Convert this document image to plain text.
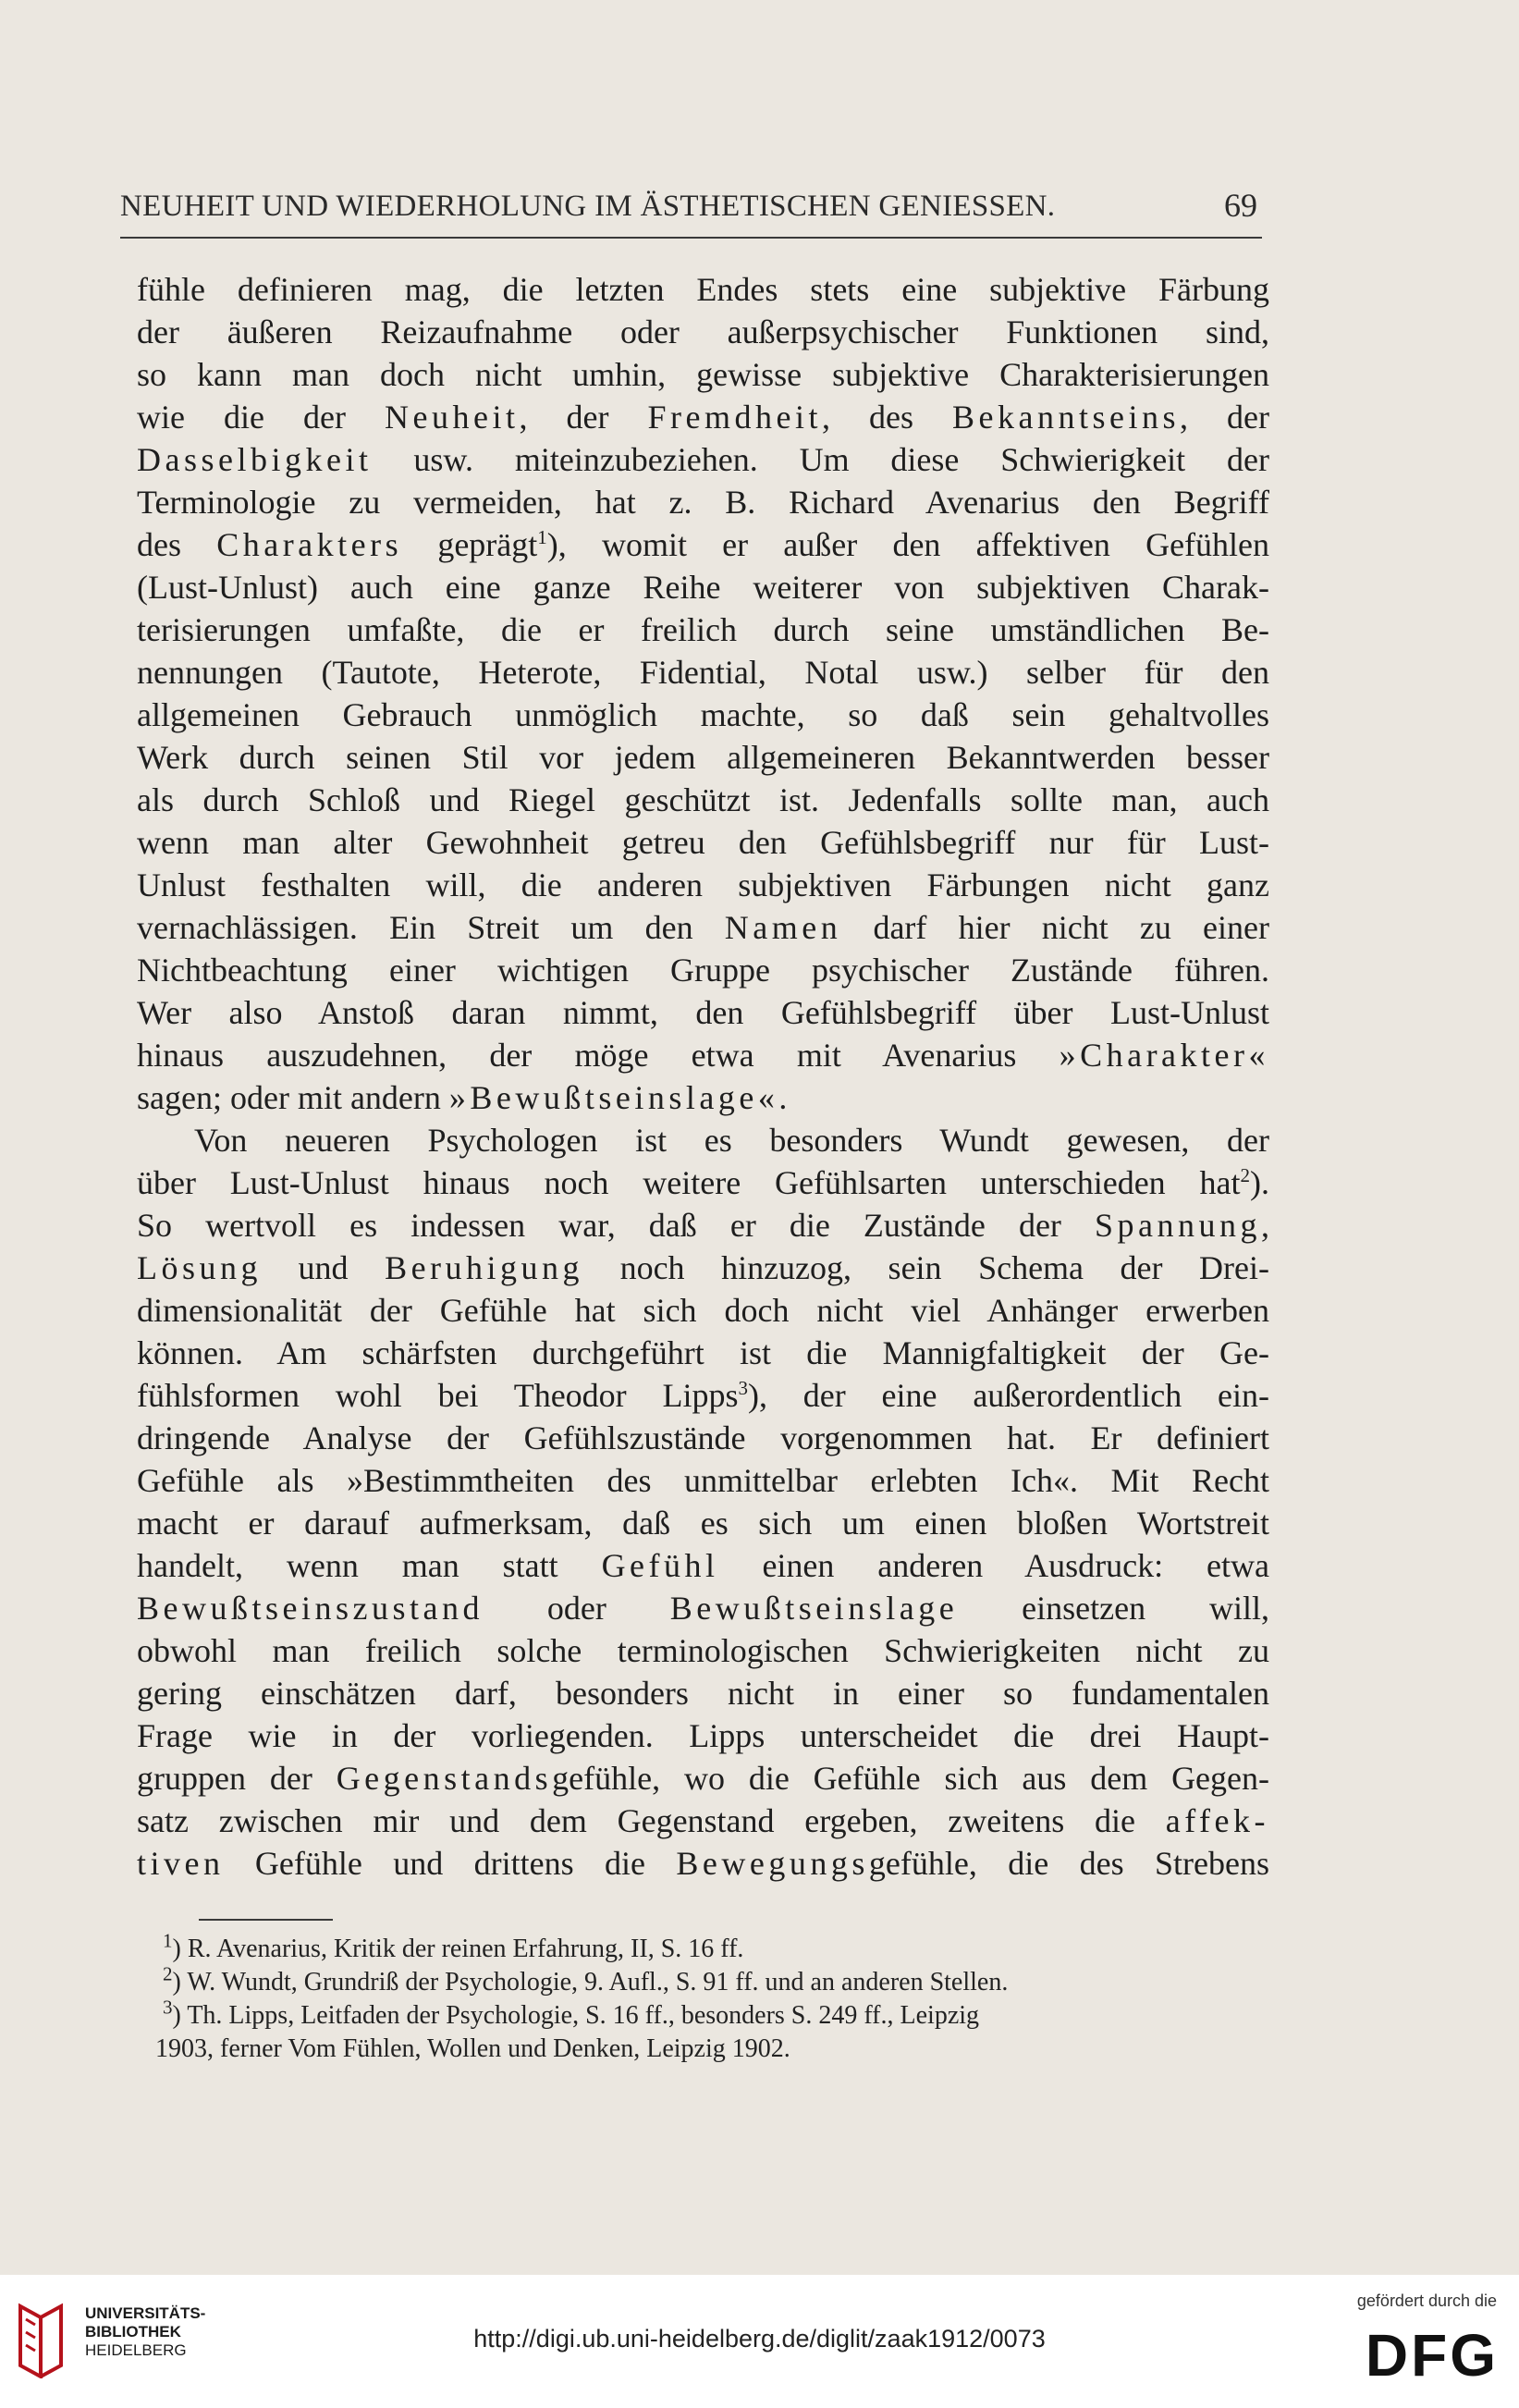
NEUHEIT UND WIEDERHOLUNG IM ÄSTHETISCHEN GENIESSEN.	69
fühle definieren mag, die letzten Endes stets eine subjektive Färbung
der äußeren Reizaufnahme oder außerpsychischer Funktionen sind,
so kann man doch nicht umhin, gewisse subjektive Charakterisierungen
wie die der Neuheit, der Fremdheit, des Bekanntseins, der
Dasselbigkeit usw. miteinzubeziehen. Um diese Schwierigkeit der
Terminologie zu vermeiden, hat z. B. Richard Avenarius den Begriff
des Charakters geprägt$^1$), womit er außer den affektiven Gefühlen
(Lust-Unlust) auch eine ganze Reihe weiterer von subjektiven Charak-
terisierungen umfaßte, die er freilich durch seine umständlichen Be-
nennungen (Tautote, Heterote, Fidential, Notal usw.) selber für den
allgemeinen Gebrauch unmöglich machte, so daß sein gehaltvolles
Werk durch seinen Stil vor jedem allgemeineren Bekanntwerden besser
als durch Schloß und Riegel geschützt ist. Jedenfalls sollte man, auch
wenn man alter Gewohnheit getreu den Gefühlsbegriff nur für Lust-
Unlust festhalten will, die anderen subjektiven Färbungen nicht ganz
vernachlässigen. Ein Streit um den Namen darf hier nicht zu einer
Nichtbeachtung einer wichtigen Gruppe psychischer Zustände führen.
Wer also Anstoß daran nimmt, den Gefühlsbegriff über Lust-Unlust
hinaus auszudehnen, der möge etwa mit Avenarius »Charakter«
sagen; oder mit andern »Bewußtseinslage«.
Von neueren Psychologen ist es besonders Wundt gewesen, der
über Lust-Unlust hinaus noch weitere Gefühlsarten unterschieden hat$^2$).
So wertvoll es indessen war, daß er die Zustände der Spannung,
Lösung und Beruhigung noch hinzuzog, sein Schema der Drei-
dimensionalität der Gefühle hat sich doch nicht viel Anhänger erwerben
können. Am schärfsten durchgeführt ist die Mannigfaltigkeit der Ge-
fühlsformen wohl bei Theodor Lipps$^3$), der eine außerordentlich ein-
dringende Analyse der Gefühlszustände vorgenommen hat. Er definiert
Gefühle als »Bestimmtheiten des unmittelbar erlebten Ich«. Mit Recht
macht er darauf aufmerksam, daß es sich um einen bloßen Wortstreit
handelt, wenn man statt Gefühl einen anderen Ausdruck: etwa
Bewußtseinszustand oder Bewußtseinslage einsetzen will,
obwohl man freilich solche terminologischen Schwierigkeiten nicht zu
gering einschätzen darf, besonders nicht in einer so fundamentalen
Frage wie in der vorliegenden. Lipps unterscheidet die drei Haupt-
gruppen der Gegenstandsgefühle, wo die Gefühle sich aus dem Gegen-
satz zwischen mir und dem Gegenstand ergeben, zweitens die affek-
tiven Gefühle und drittens die Bewegungsgefühle, die des Strebens
$^1$) R. Avenarius, Kritik der reinen Erfahrung, II, S. 16 ff.
$^2$) W. Wundt, Grundriß der Psychologie, 9. Aufl., S. 91 ff. und an anderen Stellen.
$^3$) Th. Lipps, Leitfaden der Psychologie, S. 16 ff., besonders S. 249 ff., Leipzig
1903, ferner Vom Fühlen, Wollen und Denken, Leipzig 1902.
UNIVERSITÄTS-
BIBLIOTHEK
HEIDELBERG	http://digi.ub.uni-heidelberg.de/diglit/zaak1912/0073
gefördert durch die
DFG
